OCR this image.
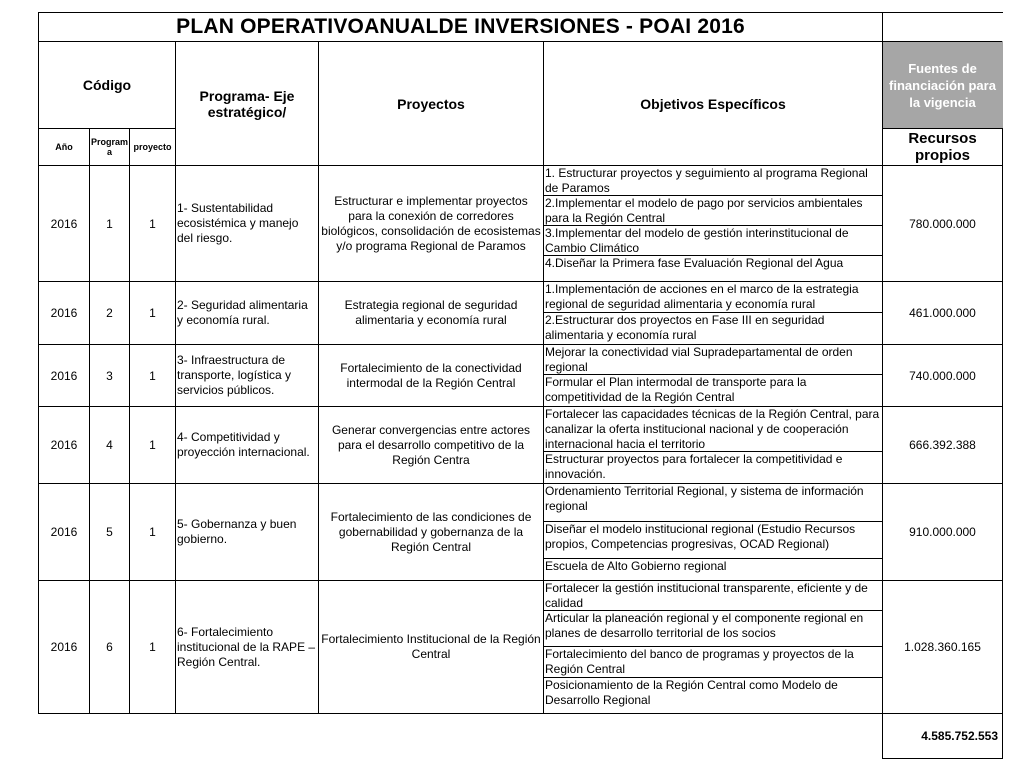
PLAN OPERATIVOANUALDE INVERSIONES - POAI 2016						
Código			Programa- Eje estratégico/	Proyectos	Objetivos Específicos	Fuentes de financiación para la vigencia
Año	Program a	proyecto				Recursos propios
2016	1	1	1- Sustentabilidad ecosistémica y manejo del riesgo.	Estructurar e implementar proyectos para la conexión de corredores biológicos, consolidación de ecosistemas y/o programa Regional de Paramos	1. Estructurar proyectos y seguimiento al programa Regional de Paramos
2.Implementar el modelo de pago por servicios ambientales para la Región Central
3.Implementar del modelo de gestión interinstitucional de Cambio Climático
4.Diseñar la Primera fase Evaluación Regional del Agua	780.000.000
2016	2	1	2- Seguridad alimentaria y economía rural.	Estrategia regional de seguridad alimentaria y economía rural	1.Implementación de acciones en el marco de la estrategia regional de seguridad alimentaria y economía rural
2.Estructurar dos proyectos en Fase III en seguridad alimentaria y economía rural	461.000.000
2016	3	1	3- Infraestructura de transporte, logística y servicios públicos.	Fortalecimiento de la conectividad intermodal de la Región Central	Mejorar la conectividad vial Supradepartamental de orden regional
Formular el Plan intermodal de transporte para la competitividad de la Región Central	740.000.000
2016	4	1	4- Competitividad y proyección internacional.	Generar convergencias entre actores para el desarrollo competitivo de la Región Centra	Fortalecer las capacidades técnicas de la Región Central, para canalizar la oferta institucional nacional y de cooperación internacional hacia el territorio
Estructurar proyectos para fortalecer la competitividad e innovación.	666.392.388
2016	5	1	5- Gobernanza y buen gobierno.	Fortalecimiento de las condiciones de gobernabilidad y gobernanza de la Región Central	Ordenamiento Territorial Regional, y sistema de información regional
Diseñar el modelo institucional regional (Estudio Recursos propios, Competencias progresivas, OCAD Regional)
Escuela de Alto Gobierno regional	910.000.000
2016	6	1	6- Fortalecimiento institucional de la RAPE – Región Central.	Fortalecimiento Institucional de la Región Central	Fortalecer la gestión institucional transparente, eficiente y de calidad
Articular la planeación regional y el componente regional en planes de desarrollo territorial de los socios
Fortalecimiento del banco de programas y proyectos de la Región Central
Posicionamiento de la Región Central como Modelo de Desarrollo Regional	1.028.360.165
						4.585.752.553
